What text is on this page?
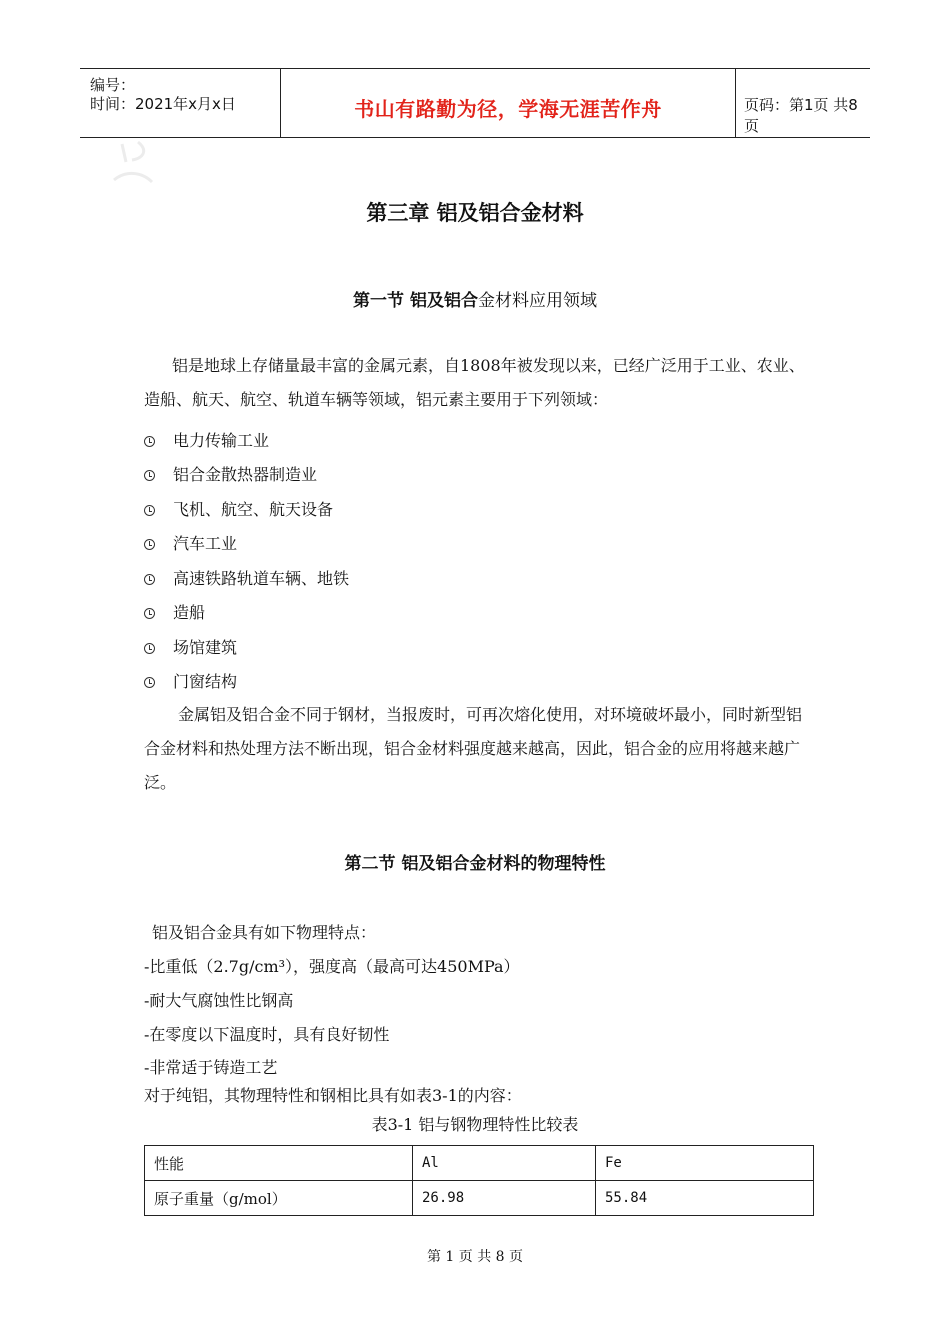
编号：
时间：2021年x月x日	书山有路勤为径，学海无涯苦作舟	页码：第1页 共8页
第三章 铝及铝合金材料
第一节 铝及铝合金材料应用领域
铝是地球上存储量最丰富的金属元素，自1808年被发现以来，已经广泛用于工业、农业、造船、航天、航空、轨道车辆等领域，铝元素主要用于下列领域：
电力传输工业
铝合金散热器制造业
飞机、航空、航天设备
汽车工业
高速铁路轨道车辆、地铁
造船
场馆建筑
门窗结构
金属铝及铝合金不同于钢材，当报废时，可再次熔化使用，对环境破坏最小，同时新型铝合金材料和热处理方法不断出现，铝合金材料强度越来越高，因此，铝合金的应用将越来越广泛。
第二节 铝及铝合金材料的物理特性
铝及铝合金具有如下物理特点：
-比重低（2.7g/cm³），强度高（最高可达450MPa）
-耐大气腐蚀性比钢高
-在零度以下温度时，具有良好韧性
-非常适于铸造工艺
对于纯铝，其物理特性和钢相比具有如表3-1的内容：
表3-1 铝与钢物理特性比较表
性能	Al	Fe
原子重量（g/mol）	26.98	55.84
第 1 页 共 8 页
